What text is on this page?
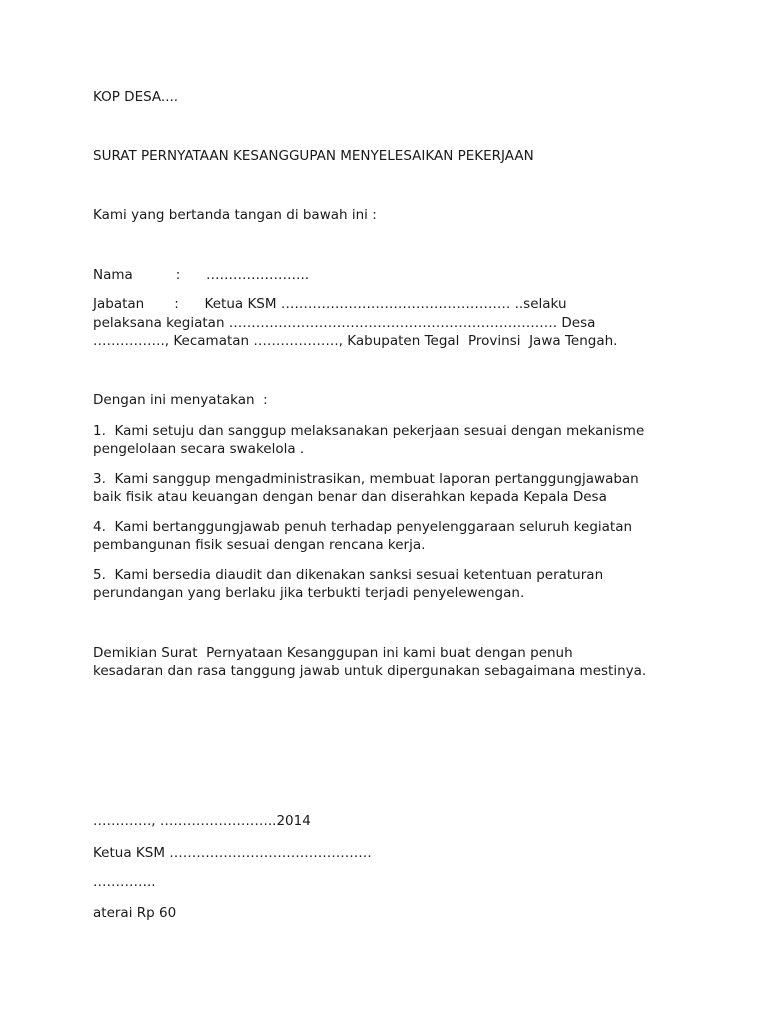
KOP DESA....
SURAT PERNYATAAN KESANGGUPAN MENYELESAIKAN PEKERJAAN
Kami yang bertanda tangan di bawah ini :
Nama          :      …………………..
Jabatan       :      Ketua KSM …………………………………………… ..selaku
pelaksana kegiatan ………………………………………………………………. Desa
……………., Kecamatan ………………., Kabupaten Tegal  Provinsi  Jawa Tengah.
Dengan ini menyatakan  :
1.  Kami setuju dan sanggup melaksanakan pekerjaan sesuai dengan mekanisme
pengelolaan secara swakelola .
3.  Kami sanggup mengadministrasikan, membuat laporan pertanggungjawaban
baik fisik atau keuangan dengan benar dan diserahkan kepada Kepala Desa
4.  Kami bertanggungjawab penuh terhadap penyelenggaraan seluruh kegiatan
pembangunan fisik sesuai dengan rencana kerja.
5.  Kami bersedia diaudit dan dikenakan sanksi sesuai ketentuan peraturan
perundangan yang berlaku jika terbukti terjadi penyelewengan.
Demikian Surat  Pernyataan Kesanggupan ini kami buat dengan penuh
kesadaran dan rasa tanggung jawab untuk dipergunakan sebagaimana mestinya.
…………., ……………………..2014
Ketua KSM ………………………………………
…………..
aterai Rp 60
